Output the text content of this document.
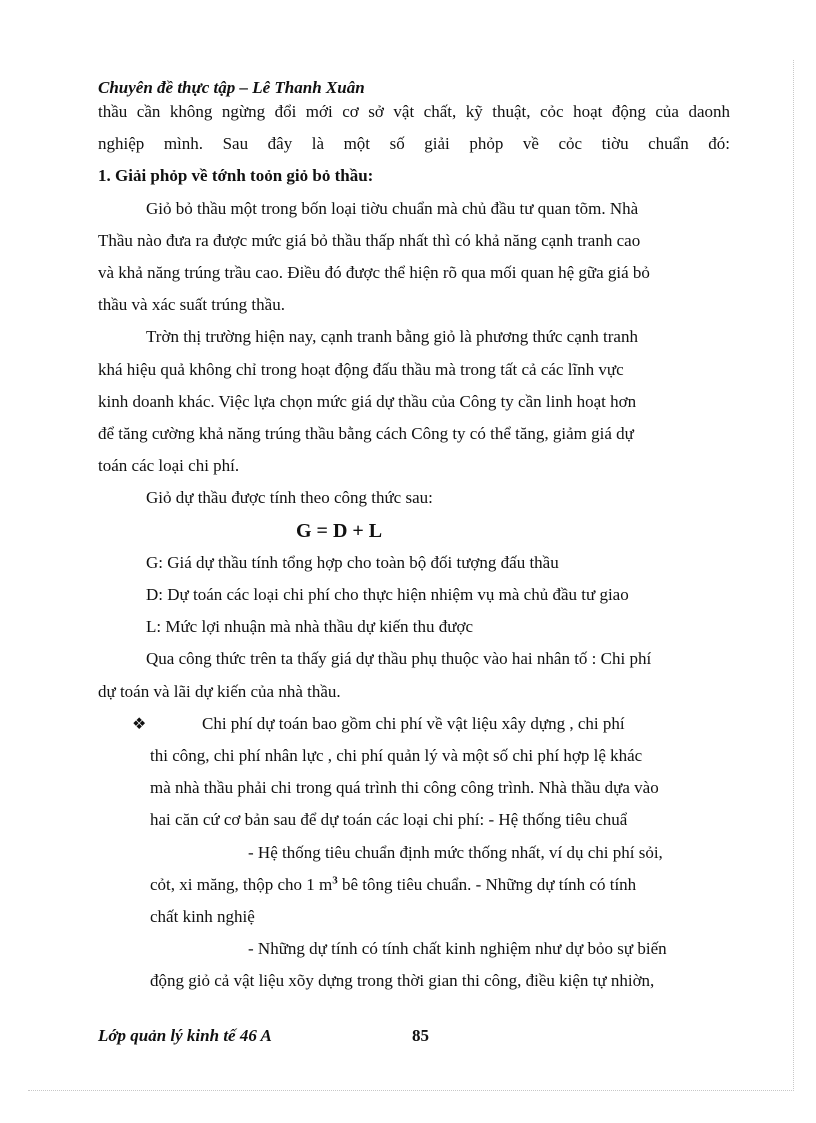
Chuyên đề thực tập – Lê Thanh Xuân
thầu cần không ngừng đổi mới cơ sở vật chất, kỹ thuật, cỏc hoạt động của daonh
nghiệp mình. Sau đây là một số giải phỏp về cỏc tiờu chuẩn đó:
1. Giải phỏp về tớnh toỏn giỏ bỏ thầu:
Giỏ bỏ thầu một trong bốn loại tiờu chuẩn mà chủ đầu tư quan tõm. Nhà
Thầu nào đưa ra được mức giá bỏ thầu thấp nhất thì có khả năng cạnh tranh cao
và khả năng trúng trầu cao. Điều đó được thể hiện rõ qua mối quan hệ gữa giá bỏ
thầu và xác suất trúng thầu.
Trờn thị trường hiện nay, cạnh tranh bằng giỏ là phương thức cạnh tranh
khá hiệu quả không chỉ trong hoạt động đấu thầu mà trong tất cả các lĩnh vực
kinh doanh khác. Việc lựa chọn mức giá dự thầu của Công ty cần linh hoạt hơn
để tăng cường khả năng trúng thầu bằng cách Công ty có thể tăng, giảm giá dự
toán các loại chi phí.
Giỏ dự thầu được tính theo công thức sau:
G = D + L
G: Giá dự thầu tính tổng hợp cho toàn bộ đối tượng đấu thầu
D: Dự toán các loại chi phí cho thực hiện nhiệm vụ mà chủ đầu tư giao
L: Mức lợi nhuận mà nhà thầu dự kiến thu được
Qua công thức trên ta thấy giá dự thầu phụ thuộc vào hai nhân tố : Chi phí
dự toán và lãi dự kiến của nhà thầu.
❖	Chi phí dự toán bao gồm chi phí về vật liệu xây dựng , chi phí
thi công, chi phí nhân lực , chi phí quản lý và một số chi phí hợp lệ khác
mà nhà thầu phải chi trong quá trình thi công công trình. Nhà thầu dựa vào
hai căn cứ cơ bản sau để dự toán các loại chi phí: - Hệ thống tiêu chuẩ
- Hệ thống tiêu chuẩn định mức thống nhất, ví dụ chi phí sỏi,
cỏt, xi măng, thộp cho 1 $m^3$ bê tông tiêu chuẩn. - Những dự tính có tính
chất kinh nghiệ
- Những dự tính có tính chất kinh nghiệm như dự bỏo sự biến
động giỏ cả vật liệu xõy dựng trong thời gian thi công, điều kiện tự nhiờn,
Lớp quản lý kinh tế 46 A	85
